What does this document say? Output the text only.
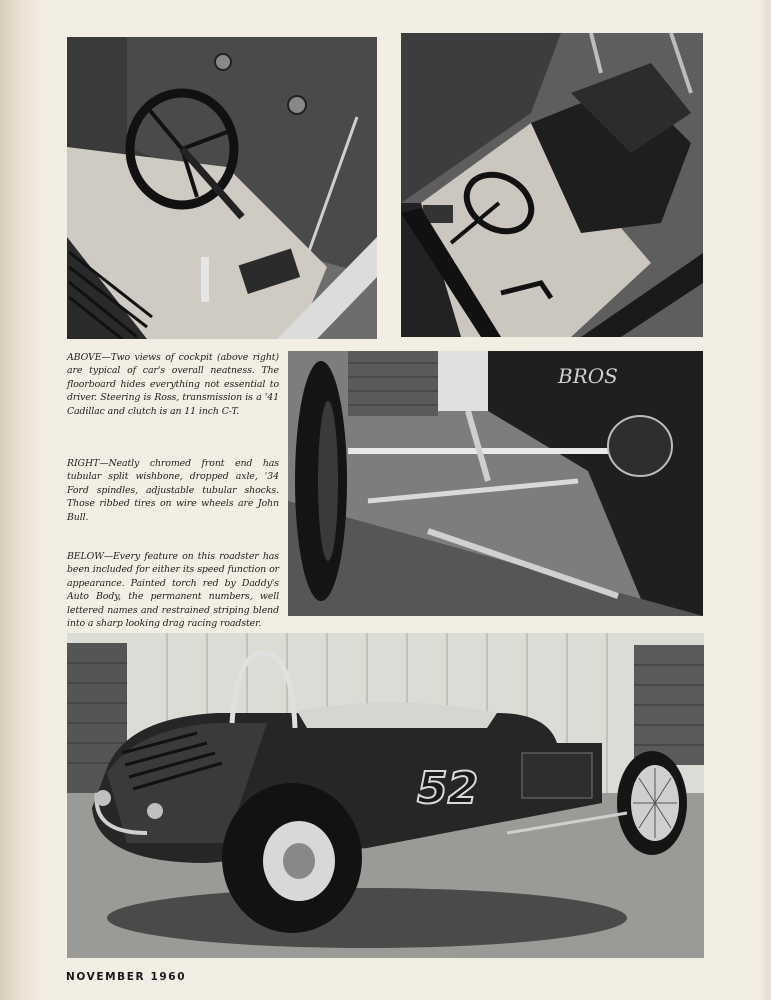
ABOVE—Two views of cockpit (above right) are typical of car's overall neatness. The floorboard hides everything not essential to driver. Steering is Ross, transmission is a '41 Cadillac and clutch is an 11 inch C-T.

RIGHT—Neatly chromed front end has tubular split wishbone, dropped axle, '34 Ford spindles, adjustable tubular shocks. Those ribbed tires on wire wheels are John Bull.

BELOW—Every feature on this roadster has been included for either its speed function or appearance. Painted torch red by Daddy's Auto Body, the permanent numbers, well lettered names and restrained striping blend into a sharp looking drag racing roadster.

BROS
52
NOVEMBER 1960
